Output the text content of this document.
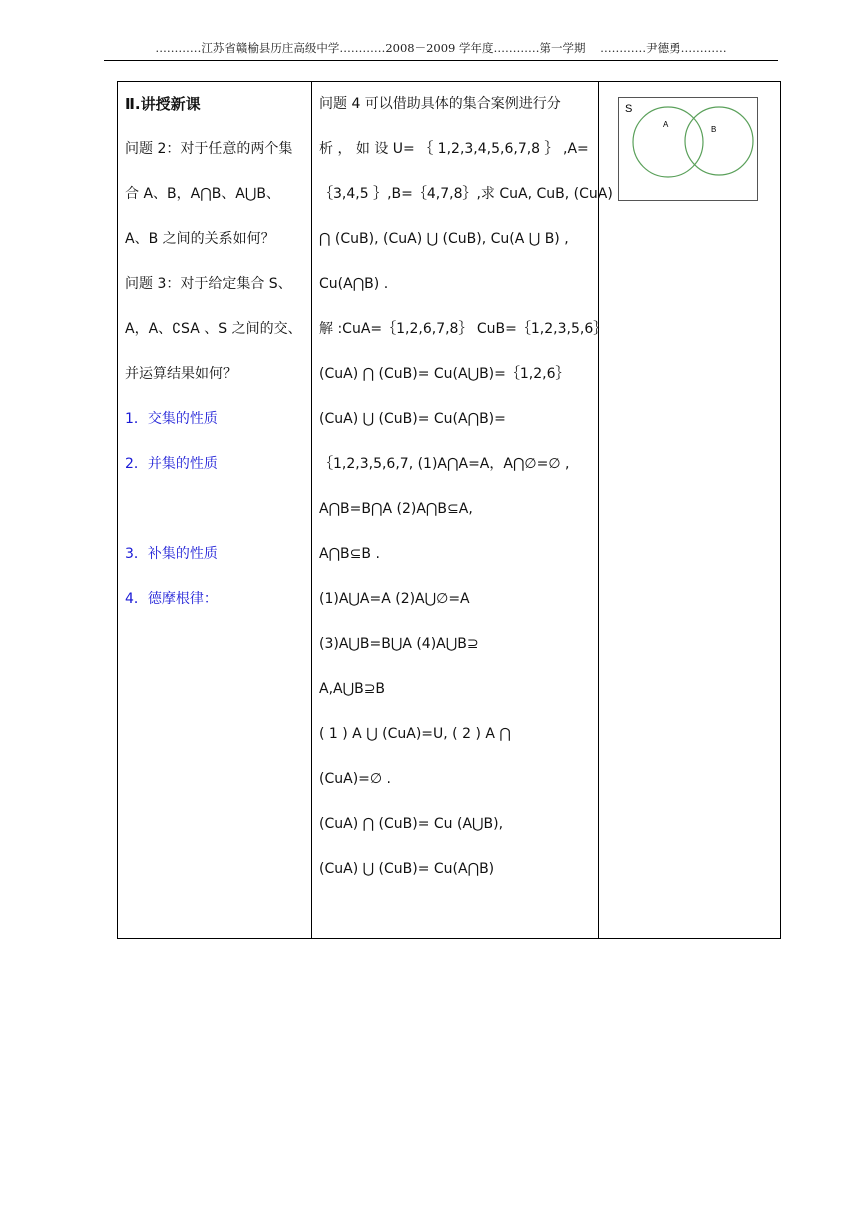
…………江苏省赣榆县历庄高级中学…………2008－2009 学年度…………第一学期    …………尹德勇…………
Ⅱ.讲授新课
问题 2：对于任意的两个集
合 A、B，A⋂B、A⋃B、
A、B 之间的关系如何？
问题 3：对于给定集合 S、
A，A、∁SA 、S 之间的交、
并运算结果如何？
1．交集的性质
2．并集的性质
3．补集的性质
4．德摩根律：

问题 4 可以借助具体的集合案例进行分
析 ， 如 设 U= ｛ 1,2,3,4,5,6,7,8 ｝ ,A=
｛3,4,5 ｝,B=｛4,7,8｝,求 CuA, CuB, (CuA)
⋂ (CuB), (CuA) ⋃ (CuB), Cu(A ⋃ B) ,
Cu(A⋂B) .
解 :CuA=｛1,2,6,7,8｝ CuB=｛1,2,3,5,6｝
(CuA) ⋂ (CuB)= Cu(A⋃B)=｛1,2,6｝
(CuA) ⋃ (CuB)= Cu(A⋂B)=
｛1,2,3,5,6,7, (1)A⋂A=A，A⋂∅=∅ ,
A⋂B=B⋂A (2)A⋂B⊆A,
A⋂B⊆B .
(1)A⋃A=A (2)A⋃∅=A
(3)A⋃B=B⋃A (4)A⋃B⊇
A,A⋃B⊇B
( 1 ) A ⋃ (CuA)=U, ( 2 ) A ⋂
(CuA)=∅ .
(CuA) ⋂ (CuB)= Cu (A⋃B),
(CuA) ⋃ (CuB)= Cu(A⋂B)

S
A
B
